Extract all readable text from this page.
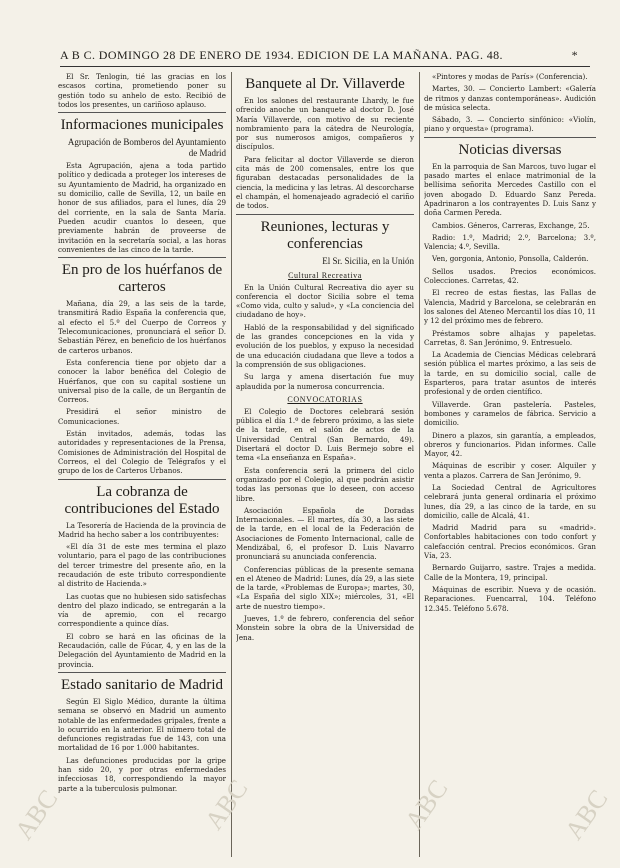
A B C. DOMINGO 28 DE ENERO DE 1934. EDICION DE LA MAÑANA. PAG. 48.	*

El Sr. Tenlogin, tié las gracias en los escasos cortina, prometiendo poner su gestión todo su anhelo de esto. Recibió de todos los presentes, un cariñoso aplauso.

Informaciones municipales
Agrupación de Bomberos del Ayuntamiento de Madrid

Esta Agrupación, ajena a toda partido político y dedicada a proteger los intereses de su Ayuntamiento de Madrid, ha organizado en su domicilio, calle de Sevilla, 12, un baile en honor de sus afiliados, para el lunes, día 29 del corriente, en la sala de Santa María. Pueden acudir cuantos lo deseen, que previamente habrán de proveerse de invitación en la secretaría social, a las horas convenientes de las cinco de la tarde.

En pro de los huérfanos de carteros

Mañana, día 29, a las seis de la tarde, transmitirá Radio España la conferencia que, al efecto el 5.º del Cuerpo de Correos y Telecomunicaciones, pronunciará el señor D. Sebastián Pérez, en beneficio de los huérfanos de carteros urbanos.

Esta conferencia tiene por objeto dar a conocer la labor benéfica del Colegio de Huérfanos, que con su capital sostiene un universal piso de la calle, de un Bergantín de Correos.

Presidirá el señor ministro de Comunicaciones.

Están invitados, además, todas las autoridades y representaciones de la Prensa, Comisiones de Administración del Hospital de Correos, el del Colegio de Telégrafos y el grupo de los de Carteros Urbanos.

La cobranza de contribuciones del Estado

La Tesorería de Hacienda de la provincia de Madrid ha hecho saber a los contribuyentes:

«El día 31 de este mes termina el plazo voluntario, para el pago de las contribuciones del tercer trimestre del presente año, en la recaudación de este tributo correspondiente al distrito de Hacienda.»

Las cuotas que no hubiesen sido satisfechas dentro del plazo indicado, se entregarán a la vía de apremio, con el recargo correspondiente a quince días.

El cobro se hará en las oficinas de la Recaudación, calle de Fúcar, 4, y en las de la Delegación del Ayuntamiento de Madrid en la provincia.

Estado sanitario de Madrid

Según El Siglo Médico, durante la última semana se observó en Madrid un aumento notable de las enfermedades gripales, frente a lo ocurrido en la anterior. El número total de defunciones registradas fue de 143, con una mortalidad de 16 por 1.000 habitantes.

Las defunciones producidas por la gripe han sido 20, y por otras enfermedades infecciosas 18, correspondiendo la mayor parte a la tuberculosis pulmonar.

Banquete al Dr. Villaverde

En los salones del restaurante Lhardy, le fue ofrecido anoche un banquete al doctor D. José María Villaverde, con motivo de su reciente nombramiento para la cátedra de Neurología, por sus numerosos amigos, compañeros y discípulos.

Para felicitar al doctor Villaverde se dieron cita más de 200 comensales, entre los que figuraban destacadas personalidades de la ciencia, la medicina y las letras. Al descorcharse el champán, el homenajeado agradeció el cariño de todos.

Reuniones, lecturas y conferencias
El Sr. Sicilia, en la Unión
Cultural Recreativa

En la Unión Cultural Recreativa dio ayer su conferencia el doctor Sicilia sobre el tema «Como vida, culto y salud», y «La conciencia del ciudadano de hoy».

Habló de la responsabilidad y del significado de las grandes concepciones en la vida y evolución de los pueblos, y expuso la necesidad de una educación ciudadana que lleve a todos a la comprensión de sus obligaciones.

Su larga y amena disertación fue muy aplaudida por la numerosa concurrencia.

CONVOCATORIAS

El Colegio de Doctores celebrará sesión pública el día 1.º de febrero próximo, a las siete de la tarde, en el salón de actos de la Universidad Central (San Bernardo, 49). Disertará el doctor D. Luis Bermejo sobre el tema «La enseñanza en España».

Esta conferencia será la primera del ciclo organizado por el Colegio, al que podrán asistir todas las personas que lo deseen, con acceso libre.

Asociación Española de Doradas Internacionales. — El martes, día 30, a las siete de la tarde, en el local de la Federación de Asociaciones de Fomento Internacional, calle de Mendizábal, 6, el profesor D. Luis Navarro pronunciará su anunciada conferencia.

Conferencias públicas de la presente semana en el Ateneo de Madrid: Lunes, día 29, a las siete de la tarde, «Problemas de Europa»; martes, 30, «La España del siglo XIX»; miércoles, 31, «El arte de nuestro tiempo».

Jueves, 1.º de febrero, conferencia del señor Monstein sobre la obra de la Universidad de Jena.

«Pintores y modas de París» (Conferencia).

Martes, 30. — Concierto Lambert: «Galería de ritmos y danzas contemporáneas». Audición de música selecta.

Sábado, 3. — Concierto sinfónico: «Violín, piano y orquesta» (programa).

Noticias diversas

En la parroquia de San Marcos, tuvo lugar el pasado martes el enlace matrimonial de la bellísima señorita Mercedes Castillo con el joven abogado D. Eduardo Sanz Pereda. Apadrinaron a los contrayentes D. Luis Sanz y doña Carmen Pereda.

Cambios. Géneros, Carreras, Exchange, 25.

Radio: 1.º, Madrid; 2.º, Barcelona; 3.º, Valencia; 4.º, Sevilla.

Ven, gorgonia, Antonio, Ponsolla, Calderón.

Sellos usados. Precios económicos. Colecciones. Carretas, 42.

El recreo de estas fiestas, las Fallas de Valencia, Madrid y Barcelona, se celebrarán en los salones del Ateneo Mercantil los días 10, 11 y 12 del próximo mes de febrero.

Préstamos sobre alhajas y papeletas. Carretas, 8. San Jerónimo, 9. Entresuelo.

La Academia de Ciencias Médicas celebrará sesión pública el martes próximo, a las seis de la tarde, en su domicilio social, calle de Esparteros, para tratar asuntos de interés profesional y de orden científico.

Villaverde. Gran pastelería. Pasteles, bombones y caramelos de fábrica. Servicio a domicilio.

Dinero a plazos, sin garantía, a empleados, obreros y funcionarios. Pidan informes. Calle Mayor, 42.

Máquinas de escribir y coser. Alquiler y venta a plazos. Carrera de San Jerónimo, 9.

La Sociedad Central de Agricultores celebrará junta general ordinaria el próximo lunes, día 29, a las cinco de la tarde, en su domicilio, calle de Alcalá, 41.

Madrid Madrid para su «madrid». Confortables habitaciones con todo confort y calefacción central. Precios económicos. Gran Vía, 23.

Bernardo Guijarro, sastre. Trajes a medida. Calle de la Montera, 19, principal.

Máquinas de escribir. Nueva y de ocasión. Reparaciones. Fuencarral, 104. Teléfono 12.345. Teléfono 5.678.

ABC	ABC	ABC	ABC
